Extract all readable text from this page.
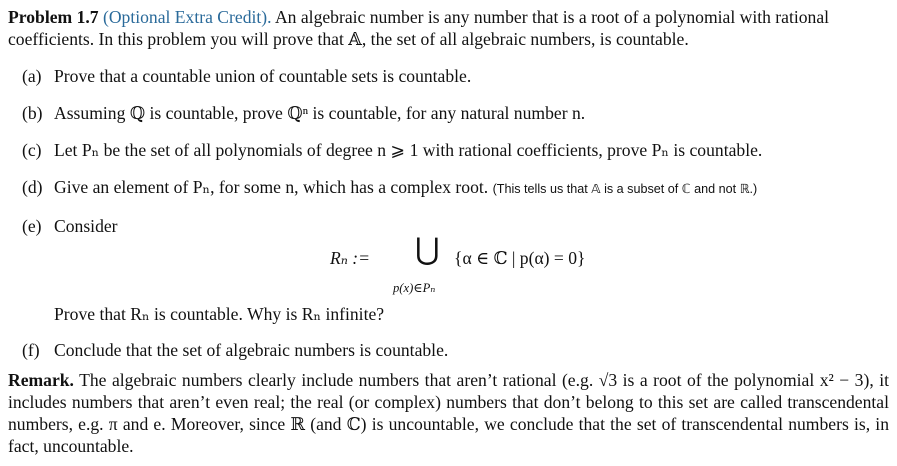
Problem 1.7 (Optional Extra Credit). An algebraic number is any number that is a root of a polynomial with rational coefficients. In this problem you will prove that 𝔸, the set of all algebraic numbers, is countable.

(a) Prove that a countable union of countable sets is countable.
(b) Assuming ℚ is countable, prove ℚⁿ is countable, for any natural number n.
(c) Let Pₙ be the set of all polynomials of degree n ⩾ 1 with rational coefficients, prove Pₙ is countable.
(d) Give an element of Pₙ, for some n, which has a complex root. (This tells us that 𝔸 is a subset of ℂ and not ℝ.)
(e) Consider
Rₙ := ⋃ {α ∈ ℂ | p(α) = 0}
p(x)∈Pₙ

Prove that Rₙ is countable. Why is Rₙ infinite?

(f) Conclude that the set of algebraic numbers is countable.

Remark. The algebraic numbers clearly include numbers that aren’t rational (e.g. √3 is a root of the polynomial x² − 3), it includes numbers that aren’t even real; the real (or complex) numbers that don’t belong to this set are called transcendental numbers, e.g. π and e. Moreover, since ℝ (and ℂ) is uncountable, we conclude that the set of transcendental numbers is, in fact, uncountable.
